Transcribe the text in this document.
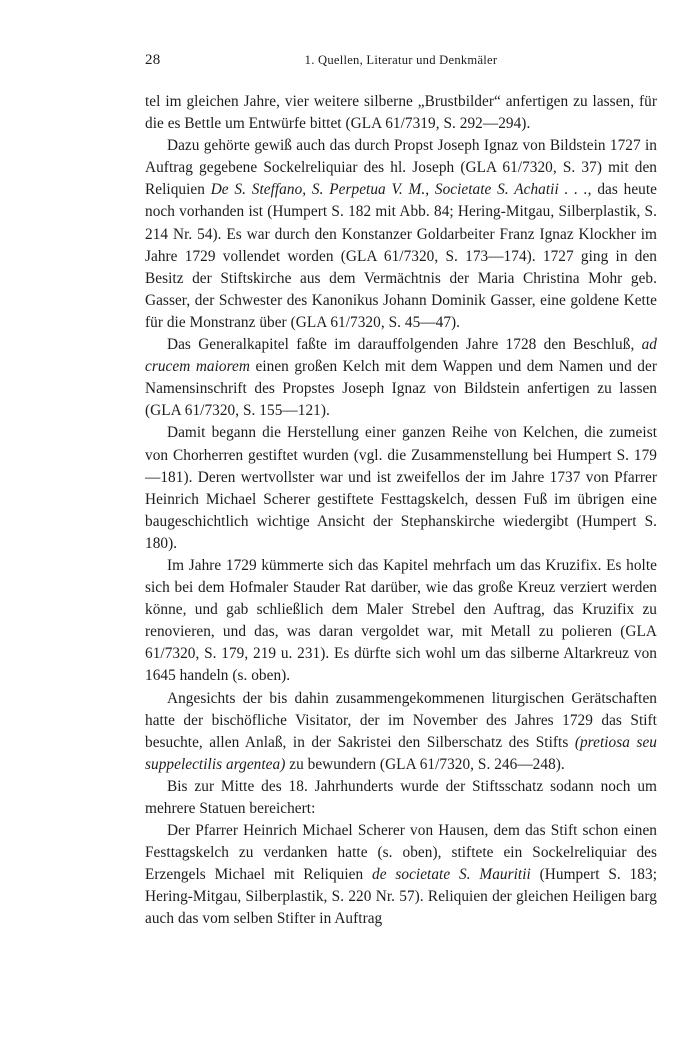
28	1. Quellen, Literatur und Denkmäler

tel im gleichen Jahre, vier weitere silberne „Brustbilder“ anfertigen zu lassen, für die es Bettle um Entwürfe bittet (GLA 61/7319, S. 292—294).

Dazu gehörte gewiß auch das durch Propst Joseph Ignaz von Bildstein 1727 in Auftrag gegebene Sockelreliquiar des hl. Joseph (GLA 61/7320, S. 37) mit den Reliquien De S. Steffano, S. Perpetua V. M., Societate S. Achatii . . ., das heute noch vorhanden ist (Humpert S. 182 mit Abb. 84; Hering-Mitgau, Silberplastik, S. 214 Nr. 54). Es war durch den Konstanzer Goldarbeiter Franz Ignaz Klockher im Jahre 1729 vollendet worden (GLA 61/7320, S. 173—174). 1727 ging in den Besitz der Stiftskirche aus dem Vermächtnis der Maria Christina Mohr geb. Gasser, der Schwester des Kanonikus Johann Dominik Gasser, eine goldene Kette für die Monstranz über (GLA 61/7320, S. 45—47).

Das Generalkapitel faßte im darauffolgenden Jahre 1728 den Beschluß, ad crucem maiorem einen großen Kelch mit dem Wappen und dem Namen und der Namensinschrift des Propstes Joseph Ignaz von Bildstein anfertigen zu lassen (GLA 61/7320, S. 155—121).

Damit begann die Herstellung einer ganzen Reihe von Kelchen, die zumeist von Chorherren gestiftet wurden (vgl. die Zusammenstellung bei Humpert S. 179—181). Deren wertvollster war und ist zweifellos der im Jahre 1737 von Pfarrer Heinrich Michael Scherer gestiftete Festtagskelch, dessen Fuß im übrigen eine baugeschichtlich wichtige Ansicht der Stephanskirche wiedergibt (Humpert S. 180).

Im Jahre 1729 kümmerte sich das Kapitel mehrfach um das Kruzifix. Es holte sich bei dem Hofmaler Stauder Rat darüber, wie das große Kreuz verziert werden könne, und gab schließlich dem Maler Strebel den Auftrag, das Kruzifix zu renovieren, und das, was daran vergoldet war, mit Metall zu polieren (GLA 61/7320, S. 179, 219 u. 231). Es dürfte sich wohl um das silberne Altarkreuz von 1645 handeln (s. oben).

Angesichts der bis dahin zusammengekommenen liturgischen Gerätschaften hatte der bischöfliche Visitator, der im November des Jahres 1729 das Stift besuchte, allen Anlaß, in der Sakristei den Silberschatz des Stifts (pretiosa seu suppelectilis argentea) zu bewundern (GLA 61/7320, S. 246—248).

Bis zur Mitte des 18. Jahrhunderts wurde der Stiftsschatz sodann noch um mehrere Statuen bereichert:

Der Pfarrer Heinrich Michael Scherer von Hausen, dem das Stift schon einen Festtagskelch zu verdanken hatte (s. oben), stiftete ein Sockelreliquiar des Erzengels Michael mit Reliquien de societate S. Mauritii (Humpert S. 183; Hering-Mitgau, Silberplastik, S. 220 Nr. 57). Reliquien der gleichen Heiligen barg auch das vom selben Stifter in Auftrag
